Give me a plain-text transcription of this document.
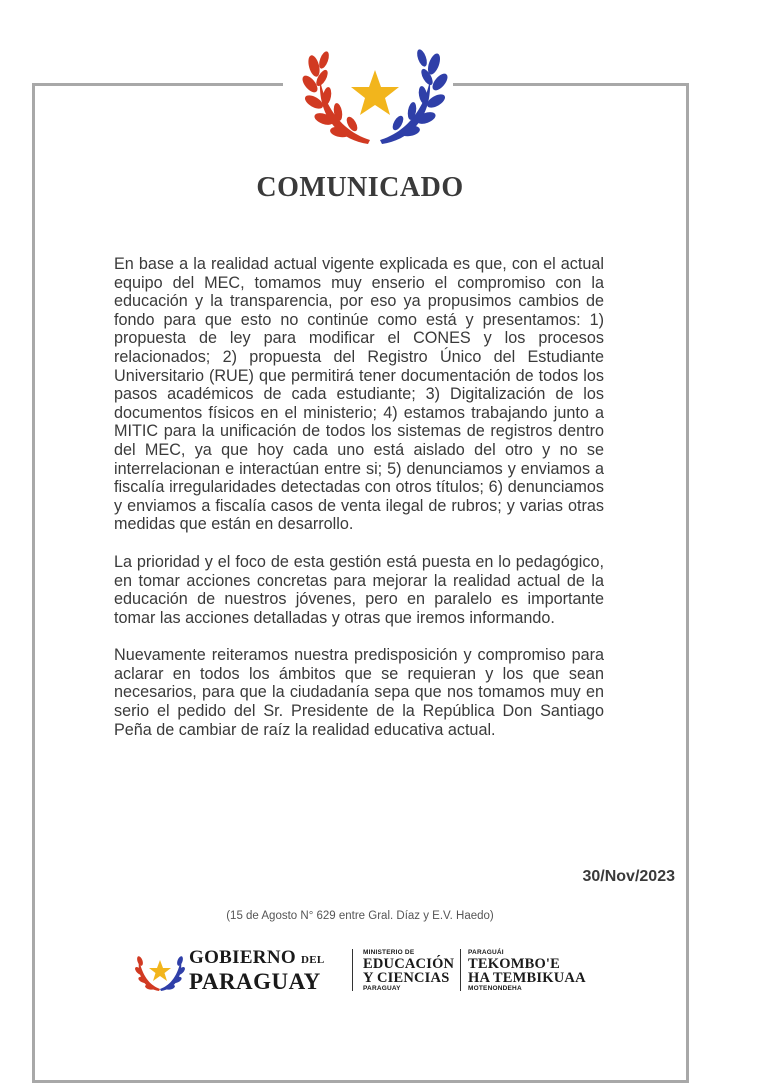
COMUNICADO

En base a la realidad actual vigente explicada es que, con el actual equipo del MEC, tomamos muy enserio el compromiso con la educación y la transparencia, por eso ya propusimos cambios de fondo para que esto no continúe como está y presentamos: 1) propuesta de ley para modificar el CONES y los procesos relacionados; 2) propuesta del Registro Único del Estudiante Universitario (RUE) que permitirá tener documentación de todos los pasos académicos de cada estudiante; 3) Digitalización de los documentos físicos en el ministerio; 4) estamos trabajando junto a MITIC para la unificación de todos los sistemas de registros dentro del MEC, ya que hoy cada uno está aislado del otro y no se interrelacionan e interactúan entre si; 5) denunciamos y enviamos a fiscalía irregularidades detectadas con otros títulos; 6) denunciamos y enviamos a fiscalía casos de venta ilegal de rubros; y varias otras medidas que están en desarrollo.

La prioridad y el foco de esta gestión está puesta en lo pedagógico, en tomar acciones concretas para mejorar la realidad actual de la educación de nuestros jóvenes, pero en paralelo es importante tomar las acciones detalladas y otras que iremos informando.

Nuevamente reiteramos nuestra predisposición y compromiso para aclarar en todos los ámbitos que se requieran y los que sean necesarios, para que la ciudadanía sepa que nos tomamos muy en serio el pedido del Sr. Presidente de la República Don Santiago Peña de cambiar de raíz la realidad educativa actual.

30/Nov/2023
(15 de Agosto N° 629 entre Gral. Díaz y E.V. Haedo)
GOBIERNO DEL
PARAGUAY
MINISTERIO DE
EDUCACIÓN
Y CIENCIAS
PARAGUAY
PARAGUÁI
TEKOMBO'E
HA TEMBIKUAA
MOTENONDEHA
